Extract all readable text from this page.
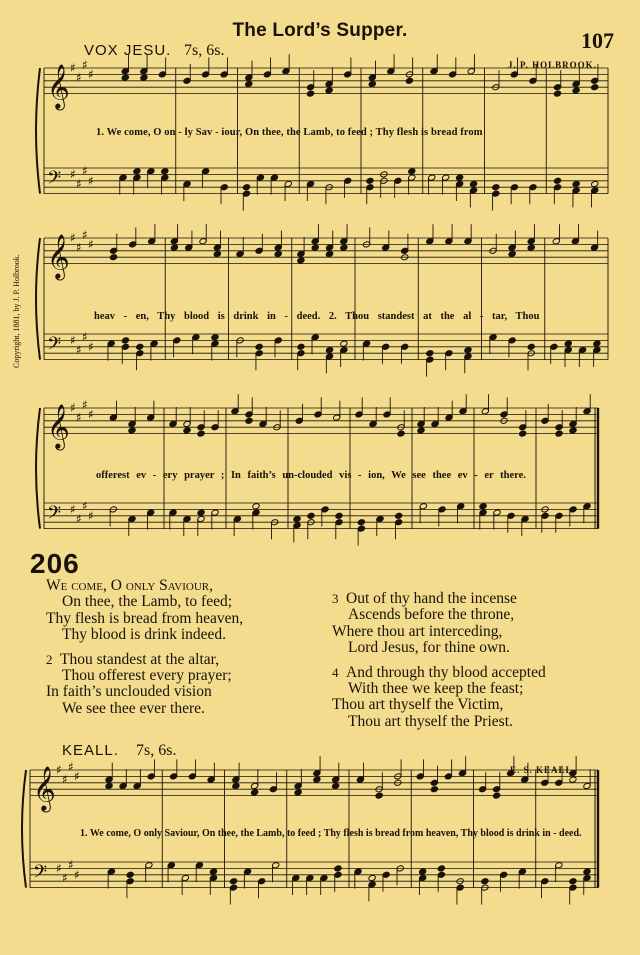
𝄞
𝄢
♯
♯
♯
♯
♯
♯
♯
♯
𝄞
𝄢
♯
♯
♯
♯
♯
♯
♯
♯
𝄞
𝄢
♯
♯
♯
♯
♯
♯
♯
♯
𝄞
𝄢
♯
♯
♯
♯
♯
♯
♯
♯
The Lord’s Supper.	107
VOX JESU. 7s, 6s.
J. P. HOLBROOK.
Copyright, 1881, by J. P. Holbrook.
1. We come, O on - ly Sav - iour, On thee, the Lamb, to feed ; Thy flesh is bread from
heav - en, Thy blood is drink in - deed. 2. Thou standest at the al - tar, Thou
offerest ev - ery prayer ; In faith’s un-clouded vis - ion, We see thee ev - er there.
206
We come, O only Saviour,
On thee, the Lamb, to feed;
Thy flesh is bread from heaven,
Thy blood is drink indeed.
2 Thou standest at the altar,
Thou offerest every prayer;
In faith’s unclouded vision
We see thee ever there.
3 Out of thy hand the incense
Ascends before the throne,
Where thou art interceding,
Lord Jesus, for thine own.
4 And through thy blood accepted
With thee we keep the feast;
Thou art thyself the Victim,
Thou art thyself the Priest.
KEALL. 7s, 6s.
E. S. KEALL.
1. We come, O only Saviour, On thee, the Lamb, to feed ; Thy flesh is bread from heaven, Thy blood is drink in - deed.
